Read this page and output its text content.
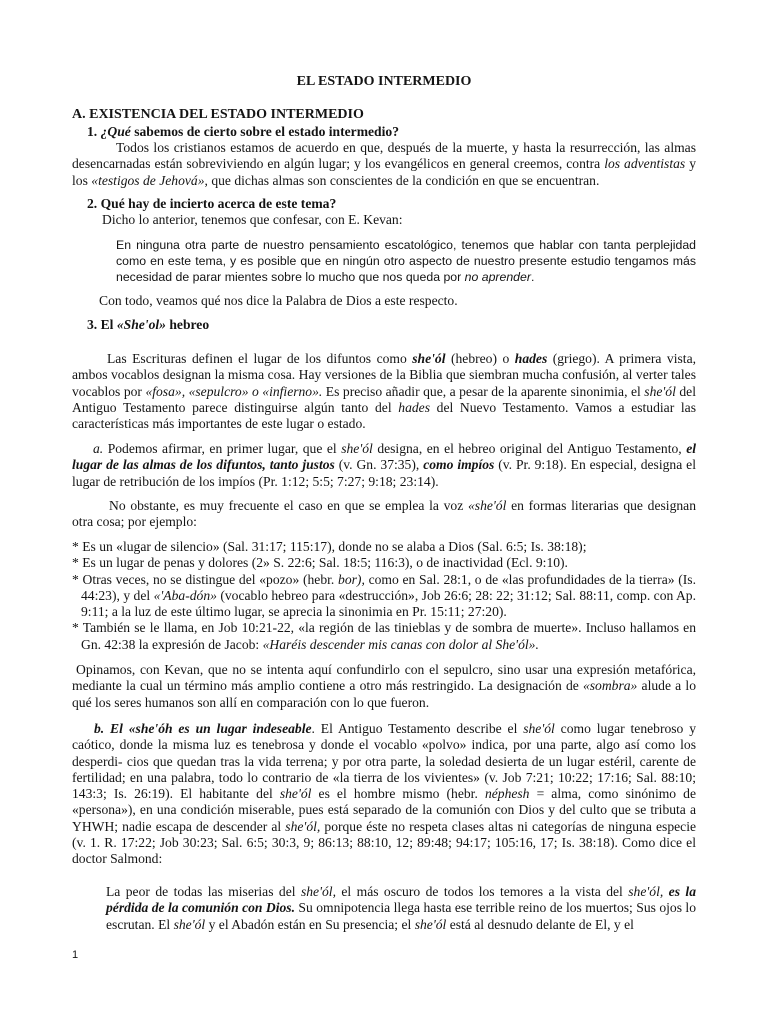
EL ESTADO INTERMEDIO
A. EXISTENCIA DEL ESTADO INTERMEDIO
1. ¿Qué sabemos de cierto sobre el estado intermedio?
Todos los cristianos estamos de acuerdo en que, después de la muerte, y hasta la resurrección, las almas desencarnadas están sobreviviendo en algún lugar; y los evangélicos en general creemos, contra los adventistas y los «testigos de Jehová», que dichas almas son conscientes de la condición en que se encuentran.
2. Qué hay de incierto acerca de este tema?
Dicho lo anterior, tenemos que confesar, con E. Kevan:
En ninguna otra parte de nuestro pensamiento escatológico, tenemos que hablar con tanta perplejidad como en este tema, y es posible que en ningún otro aspecto de nuestro presente estudio tengamos más necesidad de parar mientes sobre lo mucho que nos queda por no aprender.
Con todo, veamos qué nos dice la Palabra de Dios a este respecto.
3. El «She'ol» hebreo
Las Escrituras definen el lugar de los difuntos como she'ól (hebreo) o hades (griego). A primera vista, ambos vocablos designan la misma cosa. Hay versiones de la Biblia que siembran mucha confusión, al verter tales vocablos por «fosa», «sepulcro» o «infierno». Es preciso añadir que, a pesar de la aparente sinonimia, el she'ól del Antiguo Testamento parece distinguirse algún tanto del hades del Nuevo Testamento. Vamos a estudiar las características más importantes de este lugar o estado.
a. Podemos afirmar, en primer lugar, que el she'ól designa, en el hebreo original del Antiguo Testamento, el lugar de las almas de los difuntos, tanto justos (v. Gn. 37:35), como impíos (v. Pr. 9:18). En especial, designa el lugar de retribución de los impíos (Pr. 1:12; 5:5; 7:27; 9:18; 23:14).
No obstante, es muy frecuente el caso en que se emplea la voz «she'ól en formas literarias que designan otra cosa; por ejemplo:
* Es un «lugar de silencio» (Sal. 31:17; 115:17), donde no se alaba a Dios (Sal. 6:5; Is. 38:18);
* Es un lugar de penas y dolores (2» S. 22:6; Sal. 18:5; 116:3), o de inactividad (Ecl. 9:10).
* Otras veces, no se distingue del «pozo» (hebr. bor), como en Sal. 28:1, o de «las profundidades de la tierra» (Is. 44:23), y del «'Aba-dón» (vocablo hebreo para «destrucción», Job 26:6; 28: 22; 31:12; Sal. 88:11, comp. con Ap. 9:11; a la luz de este último lugar, se aprecia la sinonimia en Pr. 15:11; 27:20).
* También se le llama, en Job 10:21-22, «la región de las tinieblas y de sombra de muerte». Incluso hallamos en Gn. 42:38 la expresión de Jacob: «Haréis descender mis canas con dolor al She'ól».
Opinamos, con Kevan, que no se intenta aquí confundirlo con el sepulcro, sino usar una expresión metafórica, mediante la cual un término más amplio contiene a otro más restringido. La designación de «sombra» alude a lo qué los seres humanos son allí en comparación con lo que fueron.
b. El «she'óh es un lugar indeseable. El Antiguo Testamento describe el she'ól como lugar tenebroso y caótico, donde la misma luz es tenebrosa y donde el vocablo «polvo» indica, por una parte, algo así como los desperdi- cios que quedan tras la vida terrena; y por otra parte, la soledad desierta de un lugar estéril, carente de fertilidad; en una palabra, todo lo contrario de «la tierra de los vivientes» (v. Job 7:21; 10:22; 17:16; Sal. 88:10; 143:3; Is. 26:19). El habitante del she'ól es el hombre mismo (hebr. néphesh = alma, como sinónimo de «persona»), en una condición miserable, pues está separado de la comunión con Dios y del culto que se tributa a YHWH; nadie escapa de descender al she'ól, porque éste no respeta clases altas ni categorías de ninguna especie (v. 1. R. 17:22; Job 30:23; Sal. 6:5; 30:3, 9; 86:13; 88:10, 12; 89:48; 94:17; 105:16, 17; Is. 38:18). Como dice el doctor Salmond:
La peor de todas las miserias del she'ól, el más oscuro de todos los temores a la vista del she'ól, es la pérdida de la comunión con Dios. Su omnipotencia llega hasta ese terrible reino de los muertos; Sus ojos lo escrutan. El she'ól y el Abadón están en Su presencia; el she'ól está al desnudo delante de El, y el
1
